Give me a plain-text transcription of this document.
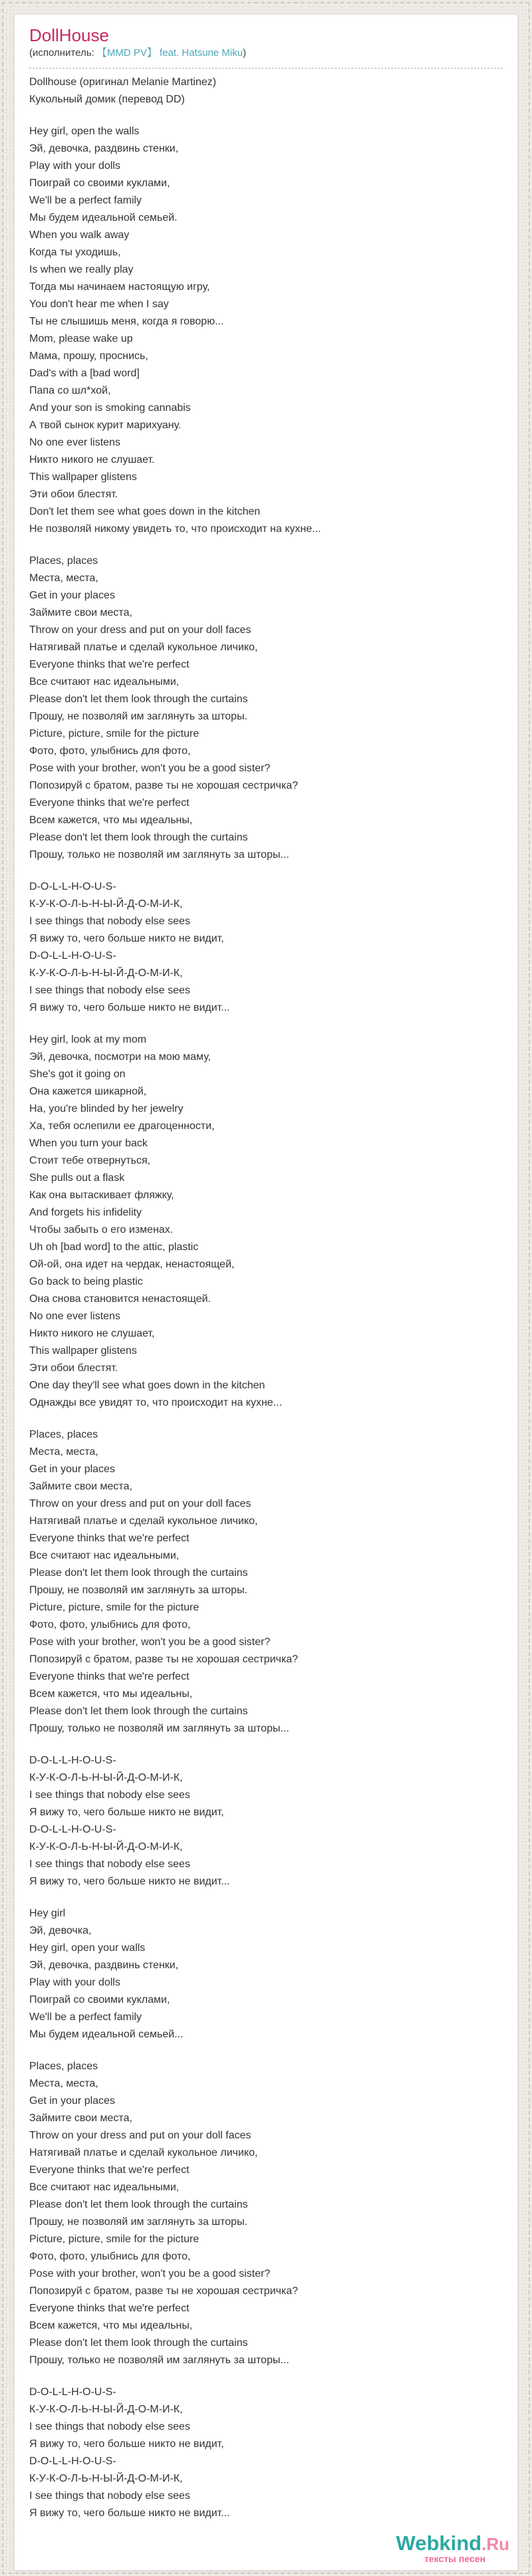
DollHouse
(исполнитель: 【MMD PV】 feat. Hatsune Miku)

Dollhouse (оригинал Melanie Martinez)
Кукольный домик (перевод DD)

Hey girl, open the walls
Эй, девочка, раздвинь стенки,
Play with your dolls
Поиграй со своими куклами,
We'll be a perfect family
Мы будем идеальной семьей.
When you walk away
Когда ты уходишь,
Is when we really play
Тогда мы начинаем настоящую игру,
You don't hear me when I say
Ты не слышишь меня, когда я говорю...
Mom, please wake up
Мама, прошу, проснись,
Dad's with a [bad word]
Папа со шл*хой,
And your son is smoking cannabis
А твой сынок курит марихуану.
No one ever listens
Никто никого не слушает.
This wallpaper glistens
Эти обои блестят.
Don't let them see what goes down in the kitchen
Не позволяй никому увидеть то, что происходит на кухне...

Places, places
Места, места,
Get in your places
Займите свои места,
Throw on your dress and put on your doll faces
Натягивай платье и сделай кукольное личико,
Everyone thinks that we're perfect
Все считают нас идеальными,
Please don't let them look through the curtains
Прошу, не позволяй им заглянуть за шторы.
Picture, picture, smile for the picture
Фото, фото, улыбнись для фото,
Pose with your brother, won't you be a good sister?
Попозируй с братом, разве ты не хорошая сестричка?
Everyone thinks that we're perfect
Всем кажется, что мы идеальны,
Please don't let them look through the curtains
Прошу, только не позволяй им заглянуть за шторы...

D-O-L-L-H-O-U-S-
К-У-К-О-Л-Ь-Н-Ы-Й-Д-О-М-И-К,
I see things that nobody else sees
Я вижу то, чего больше никто не видит,
D-O-L-L-H-O-U-S-
К-У-К-О-Л-Ь-Н-Ы-Й-Д-О-М-И-К,
I see things that nobody else sees
Я вижу то, чего больше никто не видит...

Hey girl, look at my mom
Эй, девочка, посмотри на мою маму,
She's got it going on
Она кажется шикарной,
Ha, you're blinded by her jewelry
Ха, тебя ослепили ее драгоценности,
When you turn your back
Стоит тебе отвернуться,
She pulls out a flask
Как она вытаскивает фляжку,
And forgets his infidelity
Чтобы забыть о его изменах.
Uh oh [bad word] to the attic, plastic
Ой-ой, она идет на чердак, ненастоящей,
Go back to being plastic
Она снова становится ненастоящей.
No one ever listens
Никто никого не слушает,
This wallpaper glistens
Эти обои блестят.
One day they'll see what goes down in the kitchen
Однажды все увидят то, что происходит на кухне...

Places, places
Места, места,
Get in your places
Займите свои места,
Throw on your dress and put on your doll faces
Натягивай платье и сделай кукольное личико,
Everyone thinks that we're perfect
Все считают нас идеальными,
Please don't let them look through the curtains
Прошу, не позволяй им заглянуть за шторы.
Picture, picture, smile for the picture
Фото, фото, улыбнись для фото,
Pose with your brother, won't you be a good sister?
Попозируй с братом, разве ты не хорошая сестричка?
Everyone thinks that we're perfect
Всем кажется, что мы идеальны,
Please don't let them look through the curtains
Прошу, только не позволяй им заглянуть за шторы...

D-O-L-L-H-O-U-S-
К-У-К-О-Л-Ь-Н-Ы-Й-Д-О-М-И-К,
I see things that nobody else sees
Я вижу то, чего больше никто не видит,
D-O-L-L-H-O-U-S-
К-У-К-О-Л-Ь-Н-Ы-Й-Д-О-М-И-К,
I see things that nobody else sees
Я вижу то, чего больше никто не видит...

Hey girl
Эй, девочка,
Hey girl, open your walls
Эй, девочка, раздвинь стенки,
Play with your dolls
Поиграй со своими куклами,
We'll be a perfect family
Мы будем идеальной семьей...

Places, places
Места, места,
Get in your places
Займите свои места,
Throw on your dress and put on your doll faces
Натягивай платье и сделай кукольное личико,
Everyone thinks that we're perfect
Все считают нас идеальными,
Please don't let them look through the curtains
Прошу, не позволяй им заглянуть за шторы.
Picture, picture, smile for the picture
Фото, фото, улыбнись для фото,
Pose with your brother, won't you be a good sister?
Попозируй с братом, разве ты не хорошая сестричка?
Everyone thinks that we're perfect
Всем кажется, что мы идеальны,
Please don't let them look through the curtains
Прошу, только не позволяй им заглянуть за шторы...

D-O-L-L-H-O-U-S-
К-У-К-О-Л-Ь-Н-Ы-Й-Д-О-М-И-К,
I see things that nobody else sees
Я вижу то, чего больше никто не видит,
D-O-L-L-H-O-U-S-
К-У-К-О-Л-Ь-Н-Ы-Й-Д-О-М-И-К,
I see things that nobody else sees
Я вижу то, чего больше никто не видит...

Webkind.Ru
тексты песен
